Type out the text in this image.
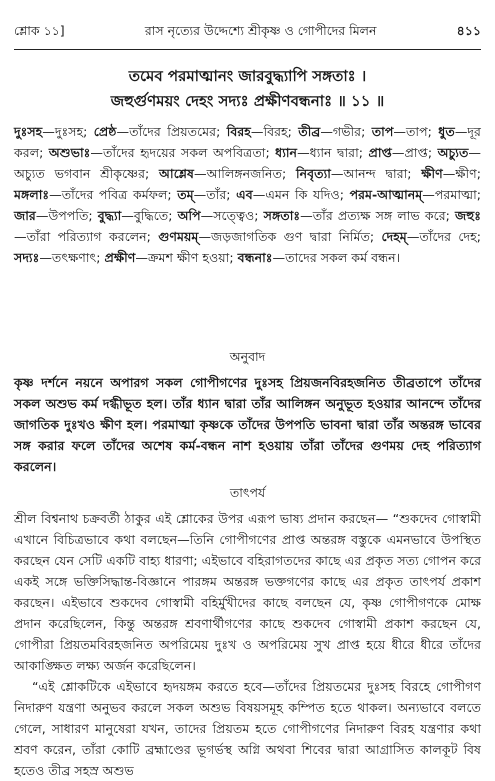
শ্লোক ১১]	রাস নৃত্যের উদ্দেশ্যে শ্রীকৃষ্ণ ও গোপীদের মিলন	৪১১
তমেব পরমাত্মানং জারবুদ্ধ্যাপি সঙ্গতাঃ ।
জহুর্গুণময়ং দেহং সদ্যঃ প্রক্ষীণবন্ধনাঃ ॥ ১১ ॥
দুঃসহ—দুঃসহ; প্রেষ্ঠ—তাঁদের প্রিয়তমের; বিরহ—বিরহ; তীব্র—গভীর; তাপ—তাপ; ধুত—দূর করল; অশুভাঃ—তাঁদের হৃদয়ের সকল অপবিত্রতা; ধ্যান—ধ্যান দ্বারা; প্রাপ্ত—প্রাপ্ত; অচ্যুত—অচ্যুত ভগবান শ্রীকৃষ্ণের; আশ্লেষ—আলিঙ্গনজনিত; নিবৃত্যা—আনন্দ দ্বারা; ক্ষীণ—ক্ষীণ; মঙ্গলাঃ—তাঁদের পবিত্র কর্মফল; তম্—তাঁর; এব—এমন কি যদিও; পরম-আত্মানম্—পরমাত্মা; জার—উপপতি; বুদ্ধ্যা—বুদ্ধিতে; অপি—সত্ত্বেও; সঙ্গতাঃ—তাঁর প্রত্যক্ষ সঙ্গ লাভ করে; জহুঃ—তাঁরা পরিত্যাগ করলেন; গুণময়ম্—জড়জাগতিক গুণ দ্বারা নির্মিত; দেহম্—তাঁদের দেহ; সদ্যঃ—তৎক্ষণাৎ; প্রক্ষীণ—ক্রমশ ক্ষীণ হওয়া; বন্ধনাঃ—তাদের সকল কর্ম বন্ধন।
অনুবাদ
কৃষ্ণ দর্শনে নয়নে অপারগ সকল গোপীগণের দুঃসহ প্রিয়জনবিরহজনিত তীব্রতাপে তাঁদের সকল অশুভ কর্ম দগ্ধীভূত হল। তাঁর ধ্যান দ্বারা তাঁর আলিঙ্গন অনুভূত হওয়ার আনন্দে তাঁদের জাগতিক দুঃখও ক্ষীণ হল। পরমাত্মা কৃষ্ণকে তাঁদের উপপতি ভাবনা দ্বারা তাঁর অন্তরঙ্গ ভাবের সঙ্গ করার ফলে তাঁদের অশেষ কর্ম-বন্ধন নাশ হওয়ায় তাঁরা তাঁদের গুণময় দেহ পরিত্যাগ করলেন।
তাৎপর্য

শ্রীল বিশ্বনাথ চক্রবর্তী ঠাকুর এই শ্লোকের উপর এরূপ ভাষ্য প্রদান করছেন— “শুকদেব গোস্বামী এখানে বিচিত্রভাবে কথা বলছেন—তিনি গোপীগণের প্রাপ্ত অন্তরঙ্গ বস্তুকে এমনভাবে উপস্থিত করছেন যেন সেটি একটি বাহ্য ধারণা; এইভাবে বহিরাগতদের কাছে এর প্রকৃত সত্য গোপন করে একই সঙ্গে ভক্তিসিদ্ধান্ত-বিজ্ঞানে পারঙ্গম অন্তরঙ্গ ভক্তগণের কাছে এর প্রকৃত তাৎপর্য প্রকাশ করছেন। এইভাবে শুকদেব গোস্বামী বহির্মুখীদের কাছে বলছেন যে, কৃষ্ণ গোপীগণকে মোক্ষ প্রদান করেছিলেন, কিন্তু অন্তরঙ্গ শ্রবণার্থীগণের কাছে শুকদেব গোস্বামী প্রকাশ করছেন যে, গোপীরা প্রিয়তমবিরহজনিত অপরিমেয় দুঃখ ও অপরিমেয় সুখ প্রাপ্ত হয়ে ধীরে ধীরে তাঁদের আকাঙ্ক্ষিত লক্ষ্য অর্জন করেছিলেন।

“এই শ্লোকটিকে এইভাবে হৃদয়ঙ্গম করতে হবে—তাঁদের প্রিয়তমের দুঃসহ বিরহে গোপীগণ নিদারুণ যন্ত্রণা অনুভব করলে সকল অশুভ বিষয়সমূহ কম্পিত হতে থাকল। অন্যভাবে বলতে গেলে, সাধারণ মানুষেরা যখন, তাদের প্রিয়তম হতে গোপীগণের নিদারুণ বিরহ যন্ত্রণার কথা শ্রবণ করেন, তাঁরা কোটি ব্রহ্মাণ্ডের ভূগর্ভস্থ অগ্নি অথবা শিবের দ্বারা আগ্রাসিত কালকূট বিষ হতেও তীব্র সহস্র অশুভ
